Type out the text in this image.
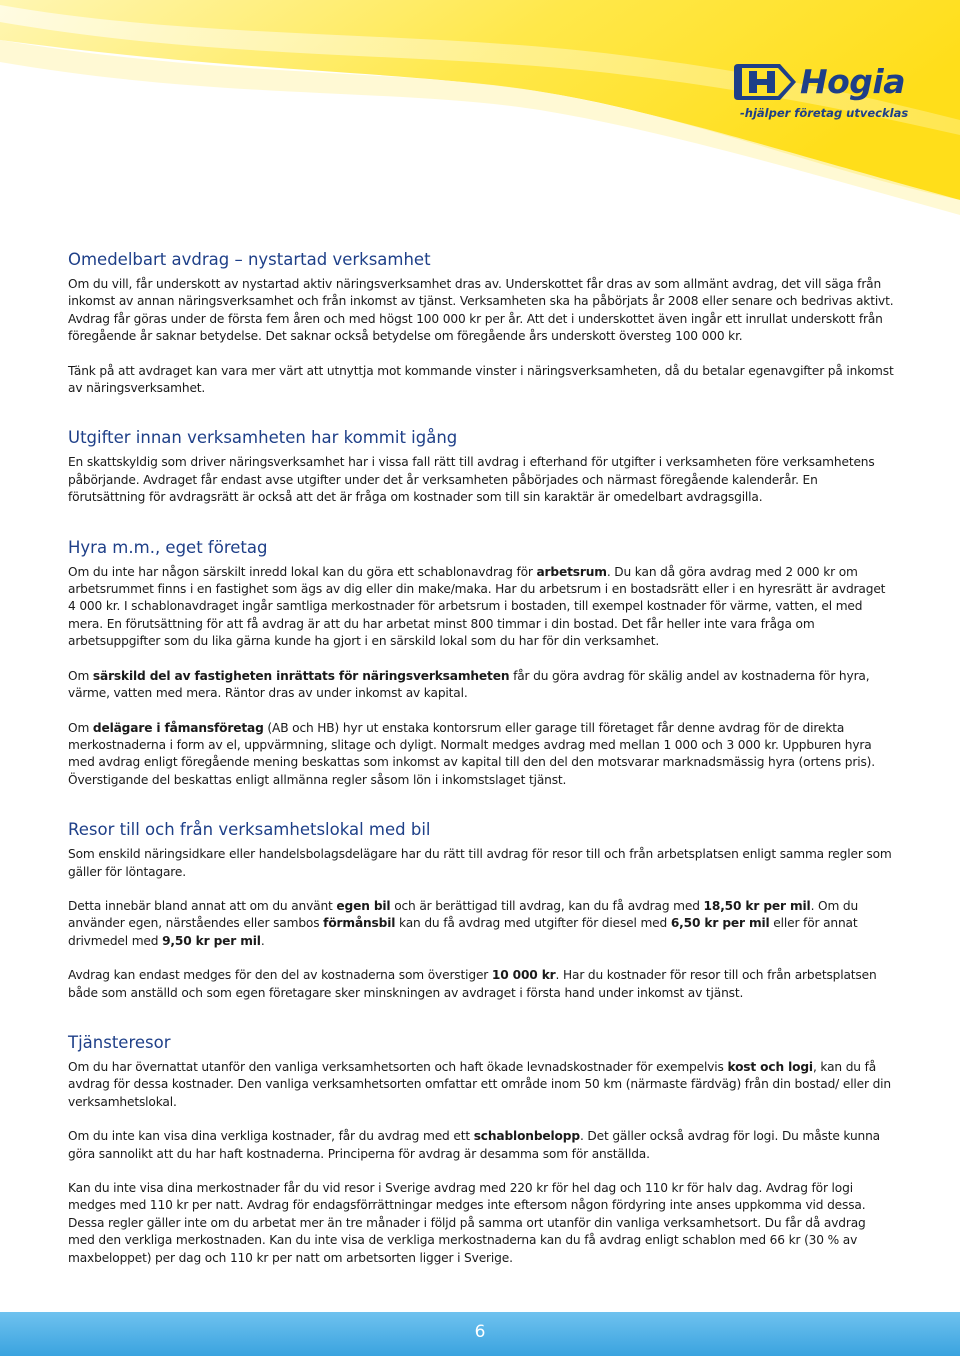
Hogia
-hjälper företag utvecklas
Omedelbart avdrag – nystartad verksamhet

Om du vill, får underskott av nystartad aktiv näringsverksamhet dras av. Underskottet får dras av som allmänt avdrag, det vill säga från inkomst av annan näringsverksamhet och från inkomst av tjänst. Verksamheten ska ha påbörjats år 2008 eller senare och bedrivas aktivt. Avdrag får göras under de första fem åren och med högst 100 000 kr per år. Att det i underskottet även ingår ett inrullat underskott från föregående år saknar betydelse. Det saknar också betydelse om föregående års underskott översteg 100 000 kr.

Tänk på att avdraget kan vara mer värt att utnyttja mot kommande vinster i näringsverksamheten, då du betalar egenavgifter på inkomst av näringsverksamhet.

Utgifter innan verksamheten har kommit igång

En skattskyldig som driver näringsverksamhet har i vissa fall rätt till avdrag i efterhand för utgifter i verksamheten före verksamhetens påbörjande. Avdraget får endast avse utgifter under det år verksamheten påbörjades och närmast föregående kalenderår. En förutsättning för avdragsrätt är också att det är fråga om kostnader som till sin karaktär är omedelbart avdragsgilla.

Hyra m.m., eget företag

Om du inte har någon särskilt inredd lokal kan du göra ett schablonavdrag för arbetsrum. Du kan då göra avdrag med 2 000 kr om arbetsrummet finns i en fastighet som ägs av dig eller din make/maka. Har du arbetsrum i en bostadsrätt eller i en hyresrätt är avdraget 4 000 kr. I schablonavdraget ingår samtliga merkostnader för arbetsrum i bostaden, till exempel kostnader för värme, vatten, el med mera. En förutsättning för att få avdrag är att du har arbetat minst 800 timmar i din bostad. Det får heller inte vara fråga om arbetsuppgifter som du lika gärna kunde ha gjort i en särskild lokal som du har för din verksamhet.

Om särskild del av fastigheten inrättats för näringsverksamheten får du göra avdrag för skälig andel av kostnaderna för hyra, värme, vatten med mera. Räntor dras av under inkomst av kapital.

Om delägare i fåmansföretag (AB och HB) hyr ut enstaka kontorsrum eller garage till företaget får denne avdrag för de direkta merkostnaderna i form av el, uppvärmning, slitage och dyligt. Normalt medges avdrag med mellan 1 000 och 3 000 kr. Uppburen hyra med avdrag enligt föregående mening beskattas som inkomst av kapital till den del den motsvarar marknadsmässig hyra (ortens pris). Överstigande del beskattas enligt allmänna regler såsom lön i inkomstslaget tjänst.

Resor till och från verksamhetslokal med bil

Som enskild näringsidkare eller handelsbolagsdelägare har du rätt till avdrag för resor till och från arbetsplatsen enligt samma regler som gäller för löntagare.

Detta innebär bland annat att om du använt egen bil och är berättigad till avdrag, kan du få avdrag med 18,50 kr per mil. Om du använder egen, närståendes eller sambos förmånsbil kan du få avdrag med utgifter för diesel med 6,50 kr per mil eller för annat drivmedel med 9,50 kr per mil.

Avdrag kan endast medges för den del av kostnaderna som överstiger 10 000 kr. Har du kostnader för resor till och från arbetsplatsen både som anställd och som egen företagare sker minskningen av avdraget i första hand under inkomst av tjänst.

Tjänsteresor

Om du har övernattat utanför den vanliga verksamhetsorten och haft ökade levnadskostnader för exempelvis kost och logi, kan du få avdrag för dessa kostnader. Den vanliga verksamhetsorten omfattar ett område inom 50 km (närmaste färdväg) från din bostad/ eller din verksamhetslokal.

Om du inte kan visa dina verkliga kostnader, får du avdrag med ett schablonbelopp. Det gäller också avdrag för logi. Du måste kunna göra sannolikt att du har haft kostnaderna. Principerna för avdrag är desamma som för anställda.

Kan du inte visa dina merkostnader får du vid resor i Sverige avdrag med 220 kr för hel dag och 110 kr för halv dag. Avdrag för logi medges med 110 kr per natt. Avdrag för endagsförrättningar medges inte eftersom någon fördyring inte anses uppkomma vid dessa. Dessa regler gäller inte om du arbetat mer än tre månader i följd på samma ort utanför din vanliga verksamhetsort. Du får då avdrag med den verkliga merkostnaden. Kan du inte visa de verkliga merkostnaderna kan du få avdrag enligt schablon med 66 kr (30 % av maxbeloppet) per dag och 110 kr per natt om arbetsorten ligger i Sverige.

6
